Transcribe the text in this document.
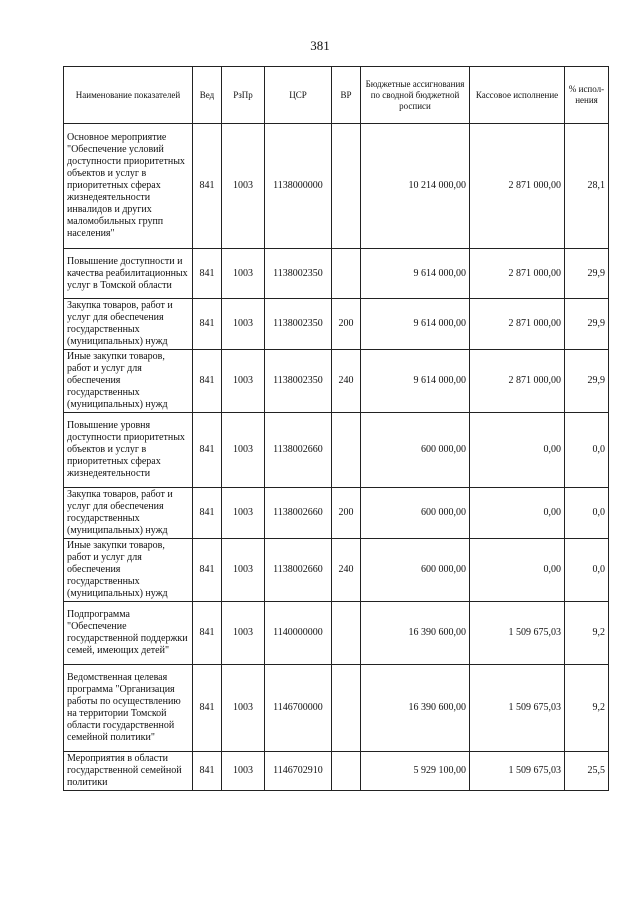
381
Наименование показателей	Вед	РзПр	ЦСР	ВР	Бюджетные ассигнования по сводной бюджетной росписи	Кассовое исполнение	% испол-нения
Основное мероприятие "Обеспечение условий доступности приоритетных объектов и услуг в приоритетных сферах жизнедеятельности инвалидов и других маломобильных групп населения"	841	1003	1138000000		10 214 000,00	2 871 000,00	28,1
Повышение доступности и качества реабилитационных услуг в Томской области	841	1003	1138002350		9 614 000,00	2 871 000,00	29,9
Закупка товаров, работ и услуг для обеспечения государственных (муниципальных) нужд	841	1003	1138002350	200	9 614 000,00	2 871 000,00	29,9
Иные закупки товаров, работ и услуг для обеспечения государственных (муниципальных) нужд	841	1003	1138002350	240	9 614 000,00	2 871 000,00	29,9
Повышение уровня доступности приоритетных объектов и услуг в приоритетных сферах жизнедеятельности	841	1003	1138002660		600 000,00	0,00	0,0
Закупка товаров, работ и услуг для обеспечения государственных (муниципальных) нужд	841	1003	1138002660	200	600 000,00	0,00	0,0
Иные закупки товаров, работ и услуг для обеспечения государственных (муниципальных) нужд	841	1003	1138002660	240	600 000,00	0,00	0,0
Подпрограмма "Обеспечение государственной поддержки семей, имеющих детей"	841	1003	1140000000		16 390 600,00	1 509 675,03	9,2
Ведомственная целевая программа "Организация работы по осуществлению на территории Томской области государственной семейной политики"	841	1003	1146700000		16 390 600,00	1 509 675,03	9,2
Мероприятия в области государственной семейной политики	841	1003	1146702910		5 929 100,00	1 509 675,03	25,5
